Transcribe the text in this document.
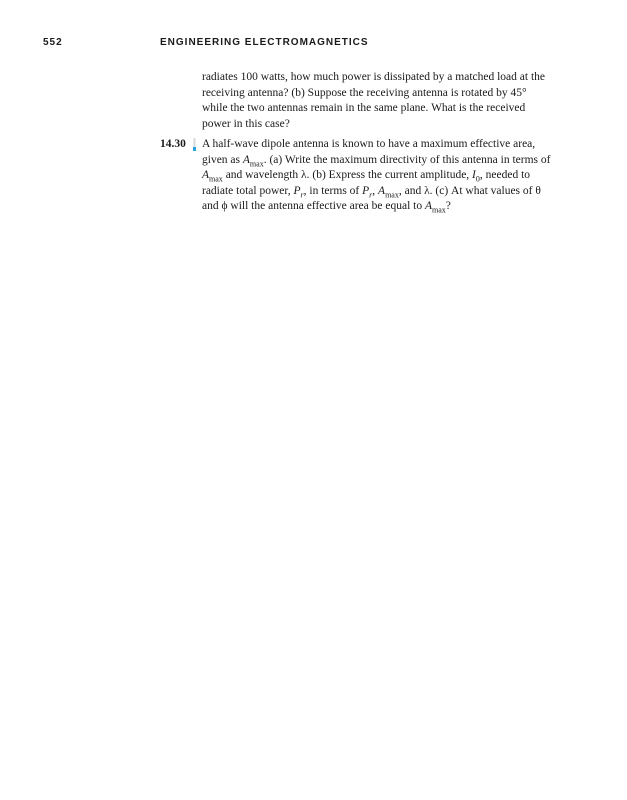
552	ENGINEERING ELECTROMAGNETICS
radiates 100 watts, how much power is dissipated by a matched load at the
receiving antenna? (b) Suppose the receiving antenna is rotated by 45°
while the two antennas remain in the same plane. What is the received
power in this case?
14.30 A half-wave dipole antenna is known to have a maximum effective area,
given as $A_{max}$. (a) Write the maximum directivity of this antenna in terms of
$A_{max}$ and wavelength λ. (b) Express the current amplitude, $I_0$, needed to
radiate total power, $P_r$, in terms of $P_r$, $A_{max}$, and λ. (c) At what values of θ
and ϕ will the antenna effective area be equal to $A_{max}$?
